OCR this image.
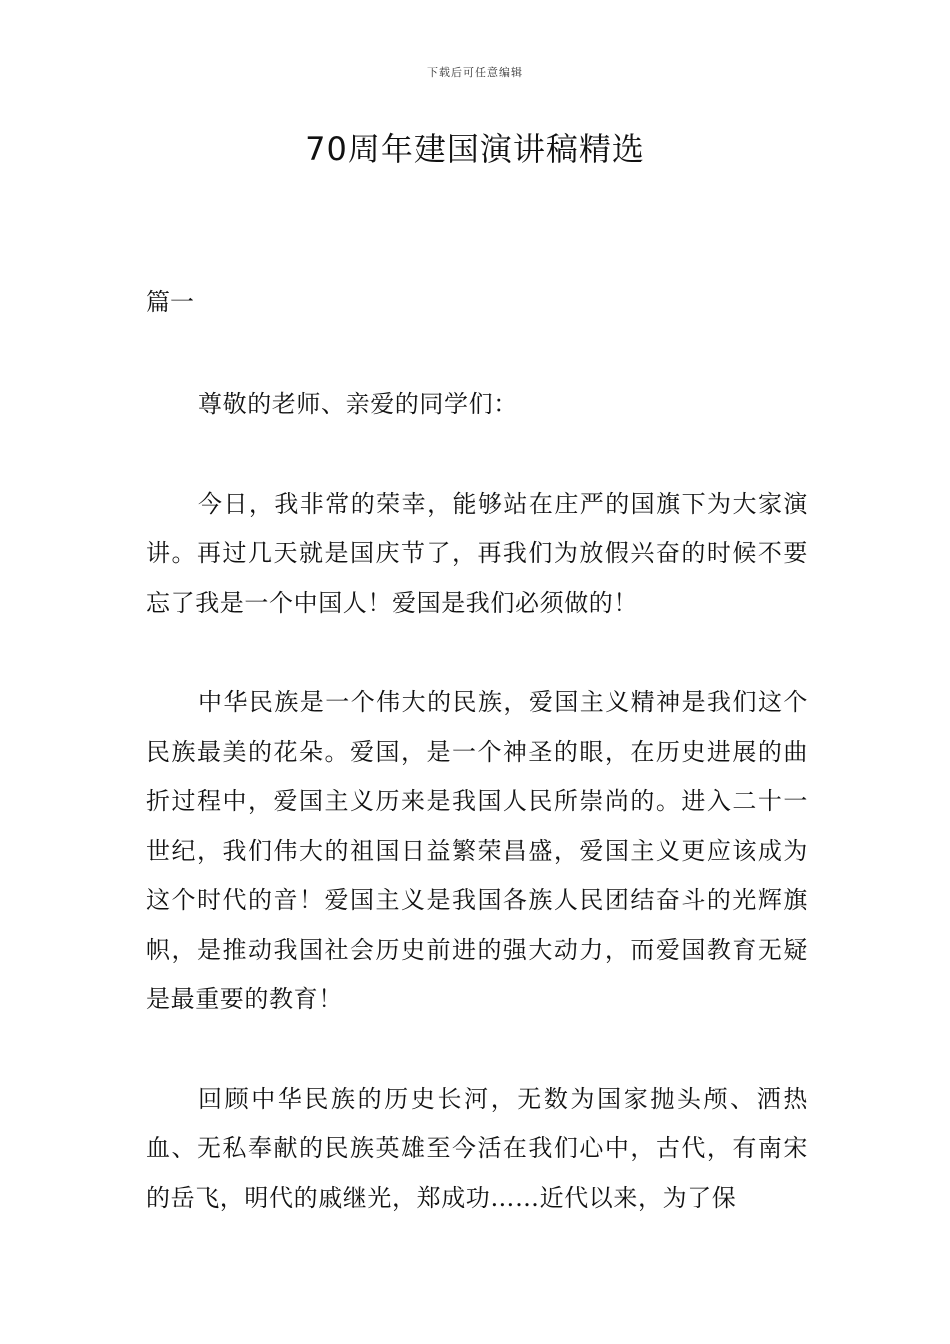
下载后可任意编辑
70周年建国演讲稿精选
篇一

尊敬的老师、亲爱的同学们：

今日，我非常的荣幸，能够站在庄严的国旗下为大家演讲。再过几天就是国庆节了，再我们为放假兴奋的时候不要忘了我是一个中国人！爱国是我们必须做的！

中华民族是一个伟大的民族，爱国主义精神是我们这个民族最美的花朵。爱国，是一个神圣的眼，在历史进展的曲折过程中，爱国主义历来是我国人民所崇尚的。进入二十一世纪，我们伟大的祖国日益繁荣昌盛，爱国主义更应该成为这个时代的音！爱国主义是我国各族人民团结奋斗的光辉旗帜，是推动我国社会历史前进的强大动力，而爱国教育无疑是最重要的教育！

回顾中华民族的历史长河，无数为国家抛头颅、洒热血、无私奉献的民族英雄至今活在我们心中，古代，有南宋的岳飞，明代的戚继光，郑成功……近代以来，为了保
